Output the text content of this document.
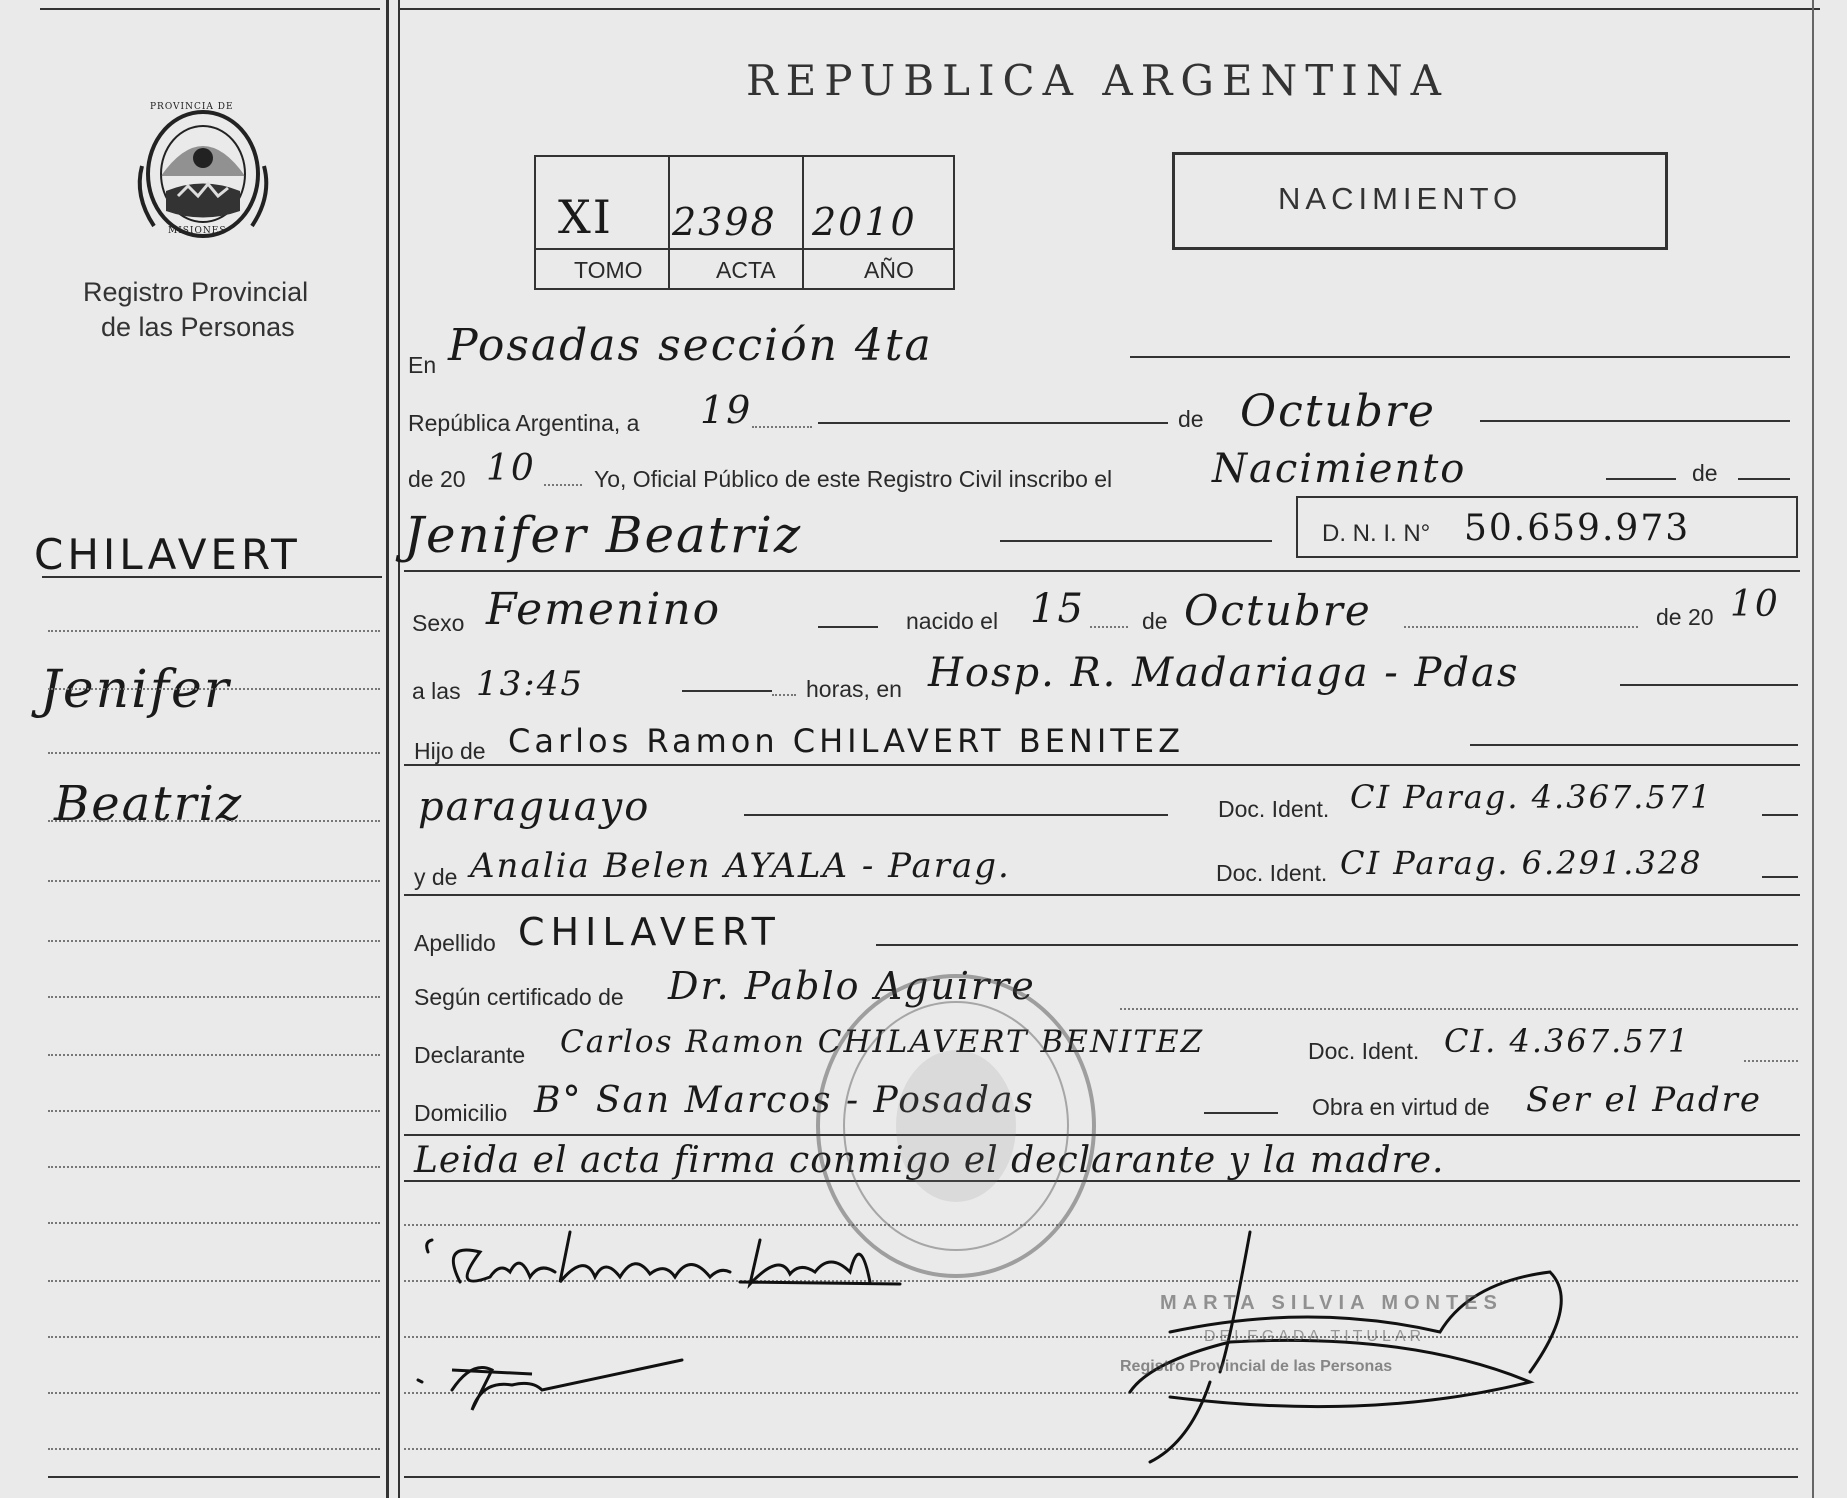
PROVINCIA DE
MISIONES
Registro Provincial
de las Personas
REPUBLICA ARGENTINA
XI 2398 2010
TOMO	ACTA	AÑO
NACIMIENTO
CHILAVERT
Jenifer
Beatriz
En Posadas sección 4ta
República Argentina, a 19	de Octubre
de 20 10	Yo, Oficial Público de este Registro Civil inscribo el Nacimiento	de
Jenifer Beatriz	D. N. I. N° 50.659.973
Sexo Femenino	nacido el 15 de Octubre	de 20 10
a las 13:45	horas, en Hosp. R. Madariaga - Pdas
Hijo de Carlos Ramon CHILAVERT BENITEZ
paraguayo	Doc. Ident. CI Parag. 4.367.571
y de Analia Belen AYALA - Parag.	Doc. Ident. CI Parag. 6.291.328
Apellido CHILAVERT
Según certificado de Dr. Pablo Aguirre
Declarante Carlos Ramon CHILAVERT BENITEZ	Doc. Ident. CI. 4.367.571
Domicilio B° San Marcos - Posadas	Obra en virtud de Ser el Padre
Leida el acta firma conmigo el declarante y la madre.
MARTA SILVIA MONTES
DELEGADA TITULAR
Registro Provincial de las Personas
